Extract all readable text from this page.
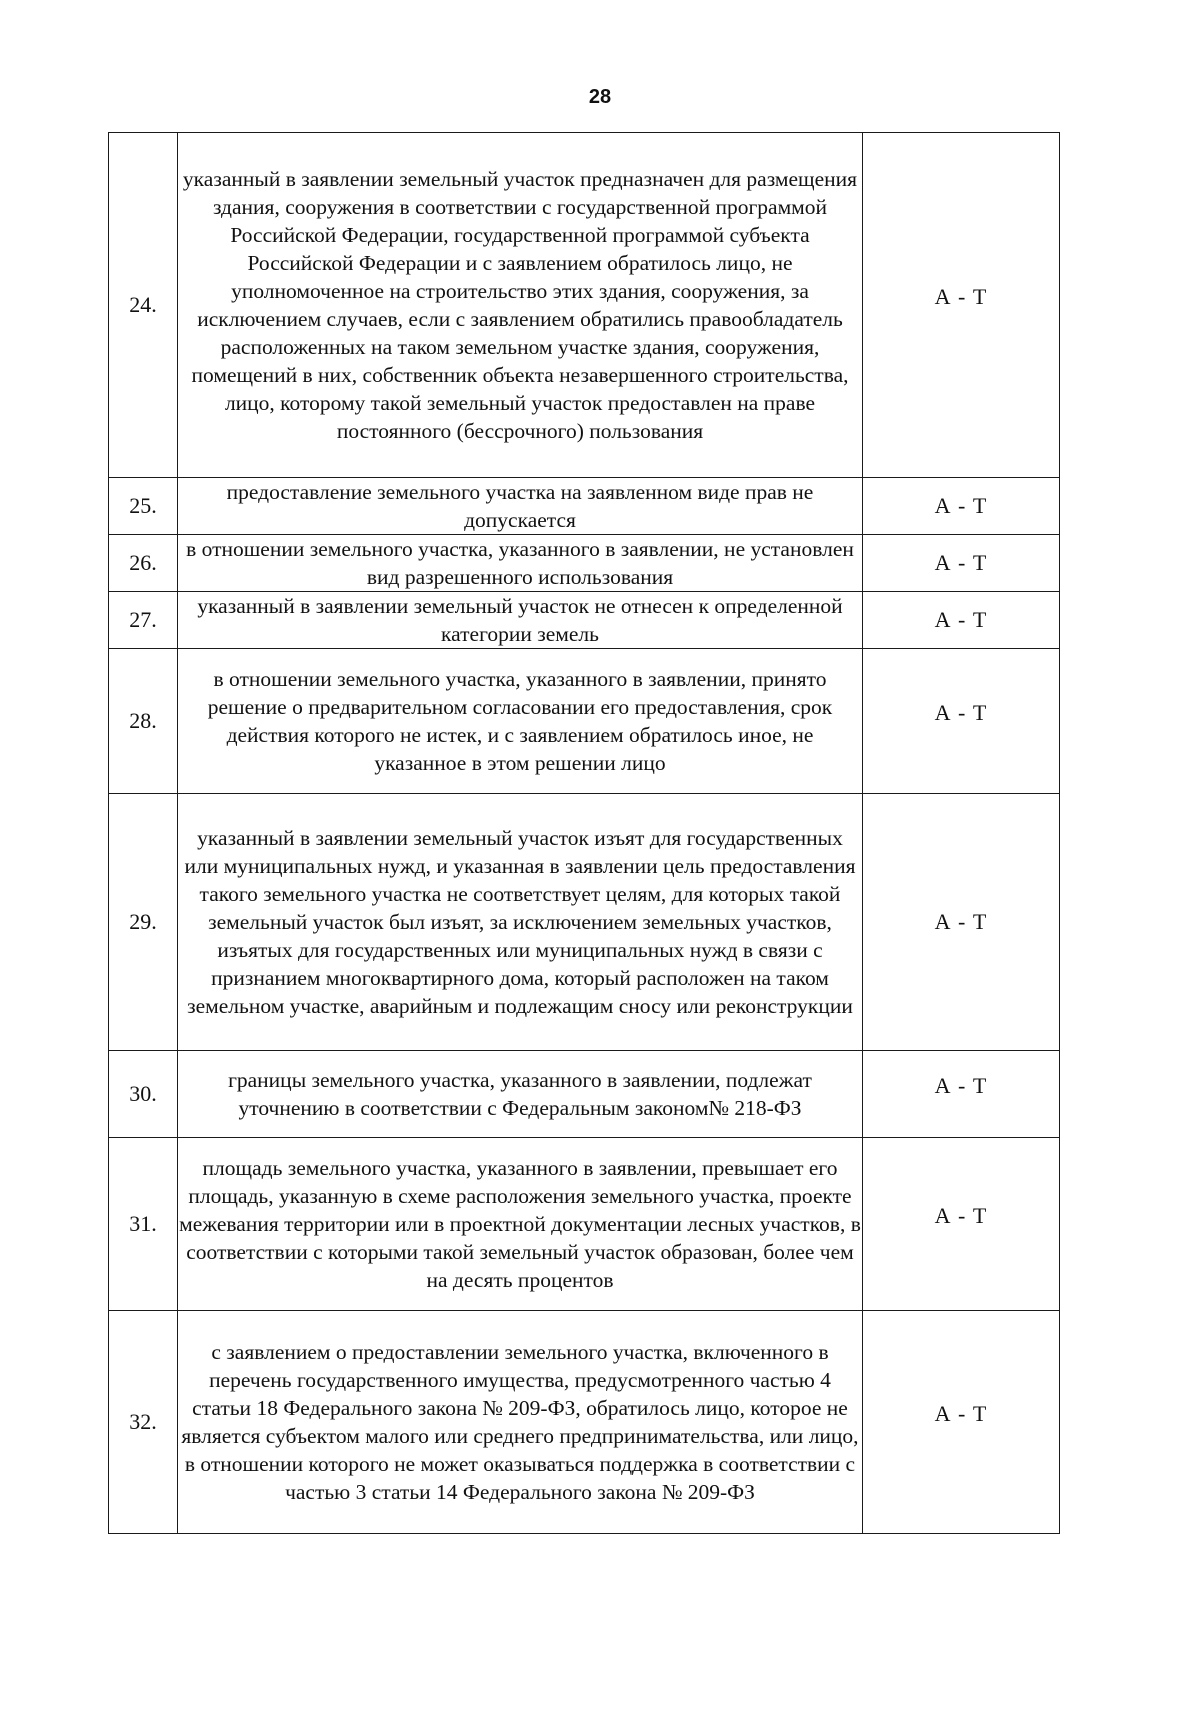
28
24.	указанный в заявлении земельный участок предназначен для размещения здания, сооружения в соответствии с государственной программой Российской Федерации, государственной программой субъекта Российской Федерации и с заявлением обратилось лицо, не уполномоченное на строительство этих здания, сооружения, за исключением случаев, если с заявлением обратились правообладатель расположенных на таком земельном участке здания, сооружения, помещений в них, собственник объекта незавершенного строительства, лицо, которому такой земельный участок предоставлен на праве постоянного (бессрочного) пользования	А - Т

25.	предоставление земельного участка на заявленном виде прав не допускается	А - Т
26.	в отношении земельного участка, указанного в заявлении, не установлен вид разрешенного использования	А - Т
27.	указанный в заявлении земельный участок не отнесен к определенной категории земель	А - Т
28.	в отношении земельного участка, указанного в заявлении, принято решение о предварительном согласовании его предоставления, срок действия которого не истек, и с заявлением обратилось иное, не указанное в этом решении лицо	А - Т

29.	указанный в заявлении земельный участок изъят для государственных или муниципальных нужд, и указанная в заявлении цель предоставления такого земельного участка не соответствует целям, для которых такой земельный участок был изъят, за исключением земельных участков, изъятых для государственных или муниципальных нужд в связи с признанием многоквартирного дома, который расположен на таком земельном участке, аварийным и подлежащим сносу или реконструкции	А - Т
30.	границы земельного участка, указанного в заявлении, подлежат уточнению в соответствии с Федеральным законом№ 218-ФЗ	А - Т

31.	площадь земельного участка, указанного в заявлении, превышает его площадь, указанную в схеме расположения земельного участка, проекте межевания территории или в проектной документации лесных участков, в соответствии с которыми такой земельный участок образован, более чем на десять процентов	А - Т

32.	с заявлением о предоставлении земельного участка, включенного в перечень государственного имущества, предусмотренного частью 4 статьи 18 Федерального закона № 209-ФЗ, обратилось лицо, которое не является субъектом малого или среднего предпринимательства, или лицо, в отношении которого не может оказываться поддержка в соответствии с частью 3 статьи 14 Федерального закона № 209-ФЗ	А - Т
